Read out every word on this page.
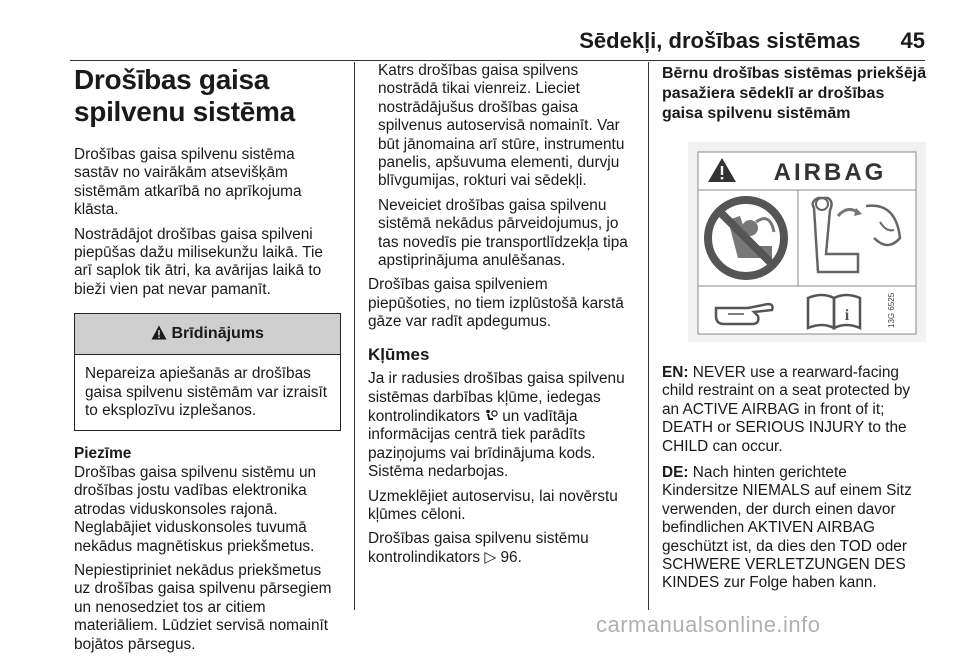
Sēdekļi, drošības sistēmas 45
Drošības gaisa spilvenu sistēma

Drošības gaisa spilvenu sistēma sastāv no vairākām atsevišķām sistēmām atkarībā no aprīkojuma klāsta.

Nostrādājot drošības gaisa spilveni piepūšas dažu milisekunžu laikā. Tie arī saplok tik ātri, ka avārijas laikā to bieži vien pat nevar pamanīt.

Brīdinājums
Nepareiza apiešanās ar drošības gaisa spilvenu sistēmām var izraisīt to eksplozīvu izplešanos.
Piezīme

Drošības gaisa spilvenu sistēmu un drošības jostu vadības elektronika atrodas viduskonsoles rajonā. Neglabājiet viduskonsoles tuvumā nekādus magnētiskus priekšmetus.

Nepiestipriniet nekādus priekšmetus uz drošības gaisa spilvenu pārsegiem un nenosedziet tos ar citiem materiāliem. Lūdziet servisā nomainīt bojātos pārsegus.

Katrs drošības gaisa spilvens nostrādā tikai vienreiz. Lieciet nostrādājušus drošības gaisa spilvenus autoservisā nomainīt. Var būt jānomaina arī stūre, instrumentu panelis, apšuvuma elementi, durvju blīvgumijas, rokturi vai sēdekļi.

Neveiciet drošības gaisa spilvenu sistēmā nekādus pārveidojumus, jo tas novedīs pie transportlīdzekļa tipa apstiprinājuma anulēšanas.

Drošības gaisa spilveniem piepūšoties, no tiem izplūstošā karstā gāze var radīt apdegumus.

Kļūmes

Ja ir radusies drošības gaisa spilvenu sistēmas darbības kļūme, iedegas kontrolindikators un vadītāja informācijas centrā tiek parādīts paziņojums vai brīdinājuma kods. Sistēma nedarbojas.

Uzmeklējiet autoservisu, lai novērstu kļūmes cēloni.

Drošības gaisa spilvenu sistēmu kontrolindikators ▷ 96.

Bērnu drošības sistēmas priekšējā pasažiera sēdeklī ar drošības gaisa spilvenu sistēmām
AIRBAG
i	13G 6525

EN: NEVER use a rearward-facing child restraint on a seat protected by an ACTIVE AIRBAG in front of it; DEATH or SERIOUS INJURY to the CHILD can occur.

DE: Nach hinten gerichtete Kindersitze NIEMALS auf einem Sitz verwenden, der durch einen davor befindlichen AKTIVEN AIRBAG geschützt ist, da dies den TOD oder SCHWERE VERLETZUNGEN DES KINDES zur Folge haben kann.

carmanualsonline.info
